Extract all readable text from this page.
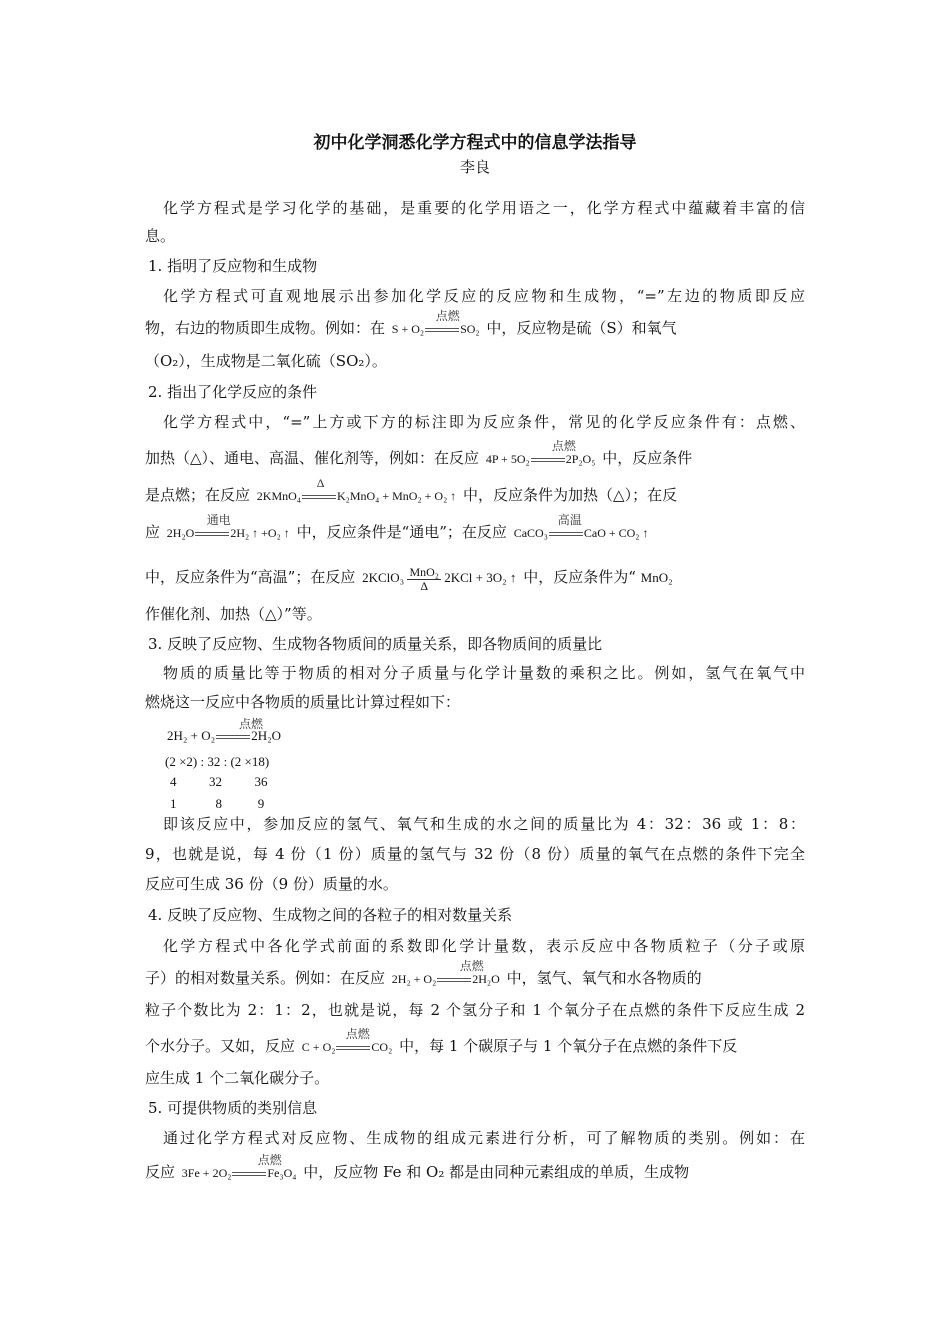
初中化学洞悉化学方程式中的信息学法指导
李良
化学方程式是学习化学的基础，是重要的化学用语之一，化学方程式中蕴藏着丰富的信
息。
1. 指明了反应物和生成物
化学方程式可直观地展示出参加化学反应的反应物和生成物，“=”左边的物质即反应
物，右边的物质即生成物。例如：在 S + O₂
点燃
SO₂ 中，反应物是硫（S）和氧气
（O₂），生成物是二氧化硫（SO₂）。
2. 指出了化学反应的条件
化学方程式中，“=”上方或下方的标注即为反应条件，常见的化学反应条件有：点燃、
加热（△）、通电、高温、催化剂等，例如：在反应 4P + 5O₂
点燃
2P₂O₅ 中，反应条件
是点燃；在反应 2KMnO₄
Δ
K₂MnO₄ + MnO₂ + O₂ ↑ 中，反应条件为加热（△）；在反
应 2H₂O
通电
2H₂ ↑ +O₂ ↑ 中，反应条件是“通电”；在反应 CaCO₃
高温
CaO + CO₂ ↑
中，反应条件为“高温”；在反应 2KClO₃ $\frac{\text{MnO₂}}{\Delta} 2KCl + 3O_2$ ↑ 中，反应条件为“ MnO₂
作催化剂、加热（△）”等。
3. 反映了反应物、生成物各物质间的质量关系，即各物质间的质量比
物质的质量比等于物质的相对分子质量与化学计量数的乘积之比。例如，氢气在氧气中
燃烧这一反应中各物质的质量比计算过程如下：
2H₂ + O₂
点燃
2H₂O
(2 ×2) : 32 : (2 ×18)
4          32          36
1            8           9
即该反应中，参加反应的氢气、氧气和生成的水之间的质量比为 4：32：36 或 1：8：
9，也就是说，每 4 份（1 份）质量的氢气与 32 份（8 份）质量的氧气在点燃的条件下完全
反应可生成 36 份（9 份）质量的水。
4. 反映了反应物、生成物之间的各粒子的相对数量关系
化学方程式中各化学式前面的系数即化学计量数，表示反应中各物质粒子（分子或原
子）的相对数量关系。例如：在反应 2H₂ + O₂
点燃
2H₂O 中，氢气、氧气和水各物质的
粒子个数比为 2：1：2，也就是说，每 2 个氢分子和 1 个氧分子在点燃的条件下反应生成 2
个水分子。又如，反应 C + O₂
点燃
CO₂ 中，每 1 个碳原子与 1 个氧分子在点燃的条件下反
应生成 1 个二氧化碳分子。
5. 可提供物质的类别信息
通过化学方程式对反应物、生成物的组成元素进行分析，可了解物质的类别。例如：在
反应 3Fe + 2O₂
点燃
Fe₃O₄ 中，反应物 Fe 和 O₂ 都是由同种元素组成的单质，生成物
